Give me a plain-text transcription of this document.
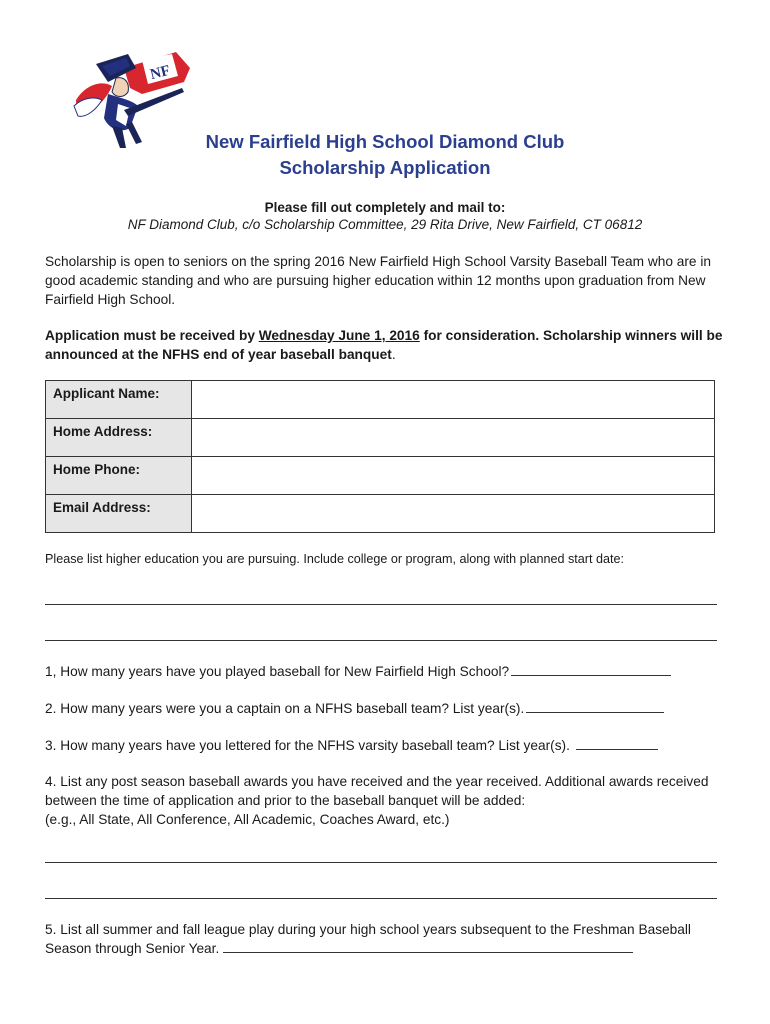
NF
New Fairfield High School Diamond Club
Scholarship Application
Please fill out completely and mail to:
NF Diamond Club, c/o Scholarship Committee, 29 Rita Drive, New Fairfield, CT 06812
Scholarship is open to seniors on the spring 2016 New Fairfield High School Varsity Baseball Team who are in good academic standing and who are pursuing higher education within 12 months upon graduation from New Fairfield High School.
Application must be received by Wednesday June 1, 2016 for consideration. Scholarship winners will be announced at the NFHS end of year baseball banquet.
Applicant Name:	
Home Address:	
Home Phone:	
Email Address:	
Please list higher education you are pursuing. Include college or program, along with planned start date:
1, How many years have you played baseball for New Fairfield High School?
2. How many years were you a captain on a NFHS baseball team? List year(s).
3. How many years have you lettered for the NFHS varsity baseball team? List year(s).
4. List any post season baseball awards you have received and the year received. Additional awards received between the time of application and prior to the baseball banquet will be added:
(e.g., All State, All Conference, All Academic, Coaches Award, etc.)
5. List all summer and fall league play during your high school years subsequent to the Freshman Baseball Season through Senior Year.
